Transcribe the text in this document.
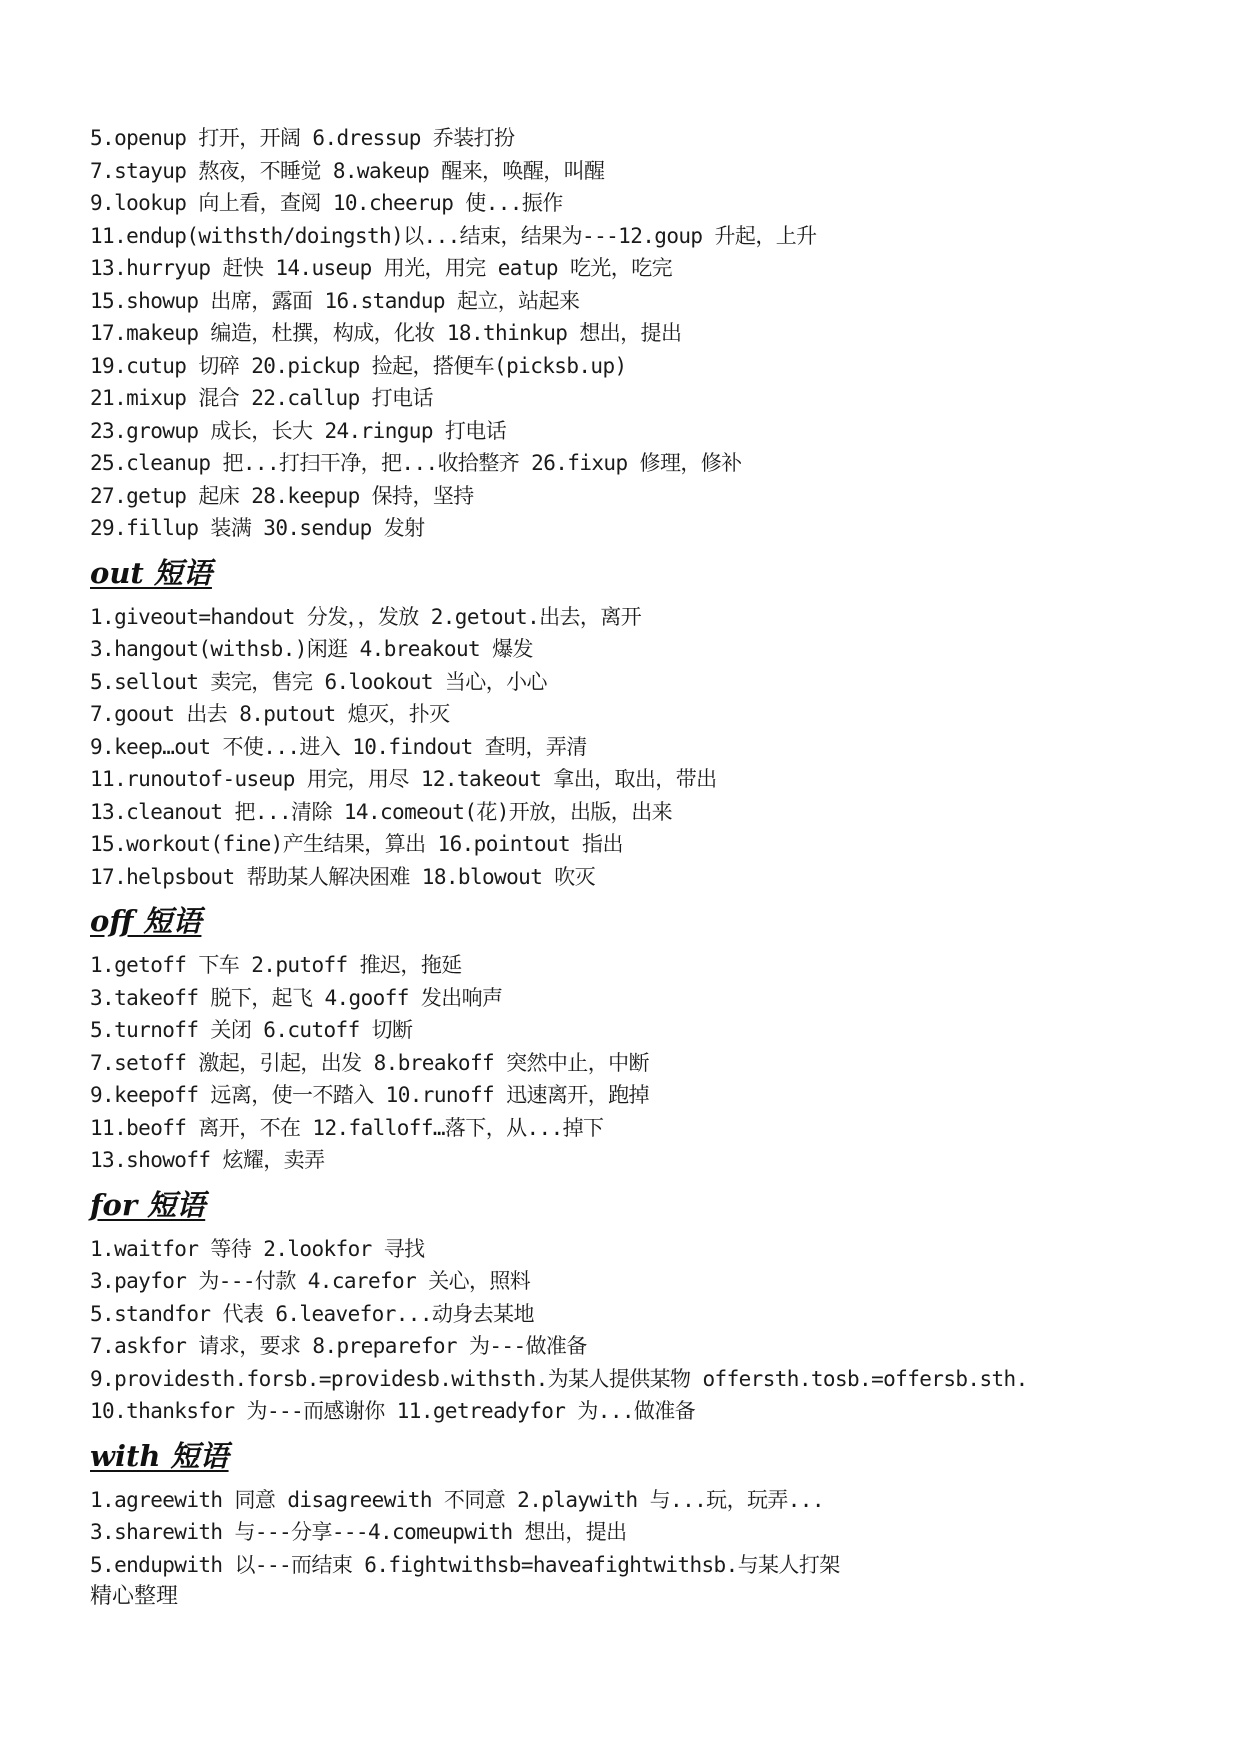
5.openup 打开，开阔 6.dressup 乔装打扮
7.stayup 熬夜，不睡觉 8.wakeup 醒来，唤醒，叫醒
9.lookup 向上看，查阅 10.cheerup 使...振作
11.endup(withsth/doingsth)以...结束，结果为---12.goup 升起，上升
13.hurryup 赶快 14.useup 用光，用完 eatup 吃光，吃完
15.showup 出席，露面 16.standup 起立，站起来
17.makeup 编造，杜撰，构成，化妆 18.thinkup 想出，提出
19.cutup 切碎 20.pickup 捡起，搭便车(picksb.up)
21.mixup 混合 22.callup 打电话
23.growup 成长，长大 24.ringup 打电话
25.cleanup 把...打扫干净，把...收拾整齐 26.fixup 修理，修补
27.getup 起床 28.keepup 保持，坚持
29.fillup 装满 30.sendup 发射
out 短语
1.giveout=handout 分发，，发放 2.getout.出去，离开
3.hangout(withsb.)闲逛 4.breakout 爆发
5.sellout 卖完，售完 6.lookout 当心，小心
7.goout 出去 8.putout 熄灭，扑灭
9.keep…out 不使...进入 10.findout 查明，弄清
11.runoutof-useup 用完，用尽 12.takeout 拿出，取出，带出
13.cleanout 把...清除 14.comeout(花)开放，出版，出来
15.workout(fine)产生结果，算出 16.pointout 指出
17.helpsbout 帮助某人解决困难 18.blowout 吹灭
off 短语
1.getoff 下车 2.putoff 推迟，拖延
3.takeoff 脱下，起飞 4.gooff 发出响声
5.turnoff 关闭 6.cutoff 切断
7.setoff 激起，引起，出发 8.breakoff 突然中止，中断
9.keepoff 远离，使一不踏入 10.runoff 迅速离开，跑掉
11.beoff 离开，不在 12.falloff…落下，从...掉下
13.showoff 炫耀，卖弄
for 短语
1.waitfor 等待 2.lookfor 寻找
3.payfor 为---付款 4.carefor 关心，照料
5.standfor 代表 6.leavefor...动身去某地
7.askfor 请求，要求 8.preparefor 为---做准备
9.providesth.forsb.=providesb.withsth.为某人提供某物 offersth.tosb.=offersb.sth.
10.thanksfor 为---而感谢你 11.getreadyfor 为...做准备
with 短语
1.agreewith 同意 disagreewith 不同意 2.playwith 与...玩，玩弄...
3.sharewith 与---分享---4.comeupwith 想出，提出
5.endupwith 以---而结束 6.fightwithsb=haveafightwithsb.与某人打架
精心整理
